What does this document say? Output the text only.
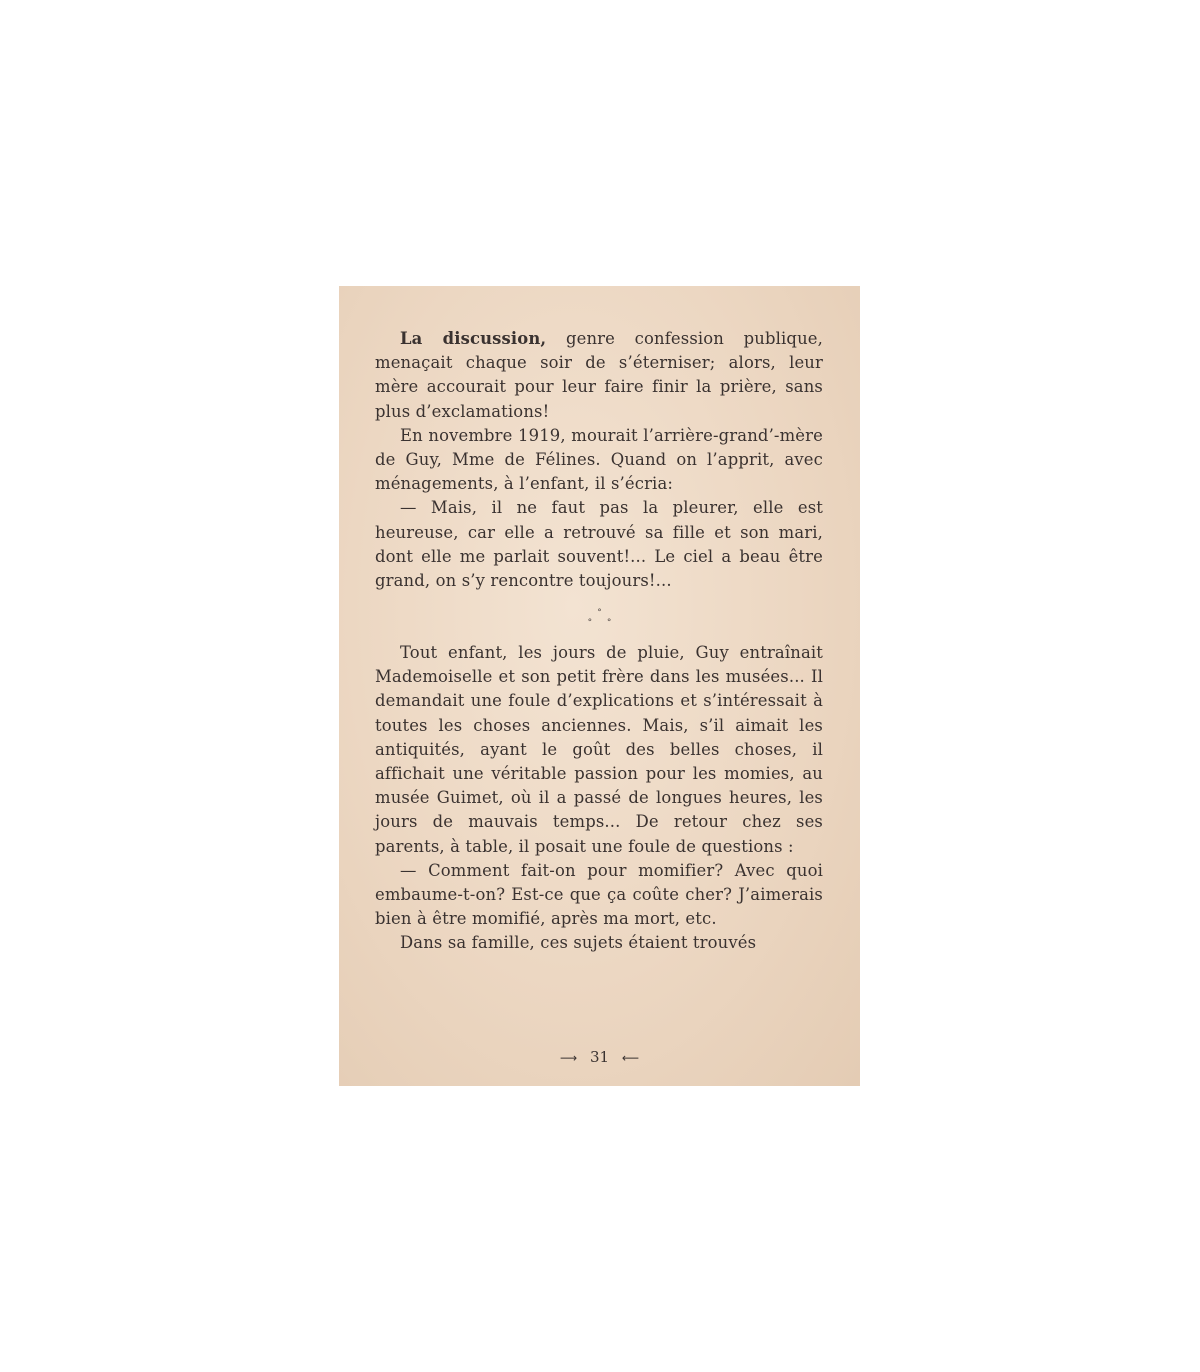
La discussion, genre confession publique, menaçait chaque soir de s’éterniser; alors, leur mère accourait pour leur faire finir la prière, sans plus d’exclamations!

En novembre 1919, mourait l’arrière-grand’-mère de Guy, Mme de Félines. Quand on l’apprit, avec ménagements, à l’enfant, il s’écria:

— Mais, il ne faut pas la pleurer, elle est heureuse, car elle a retrouvé sa fille et son mari, dont elle me parlait souvent!... Le ciel a beau être grand, on s’y rencontre toujours!...

°
° °

Tout enfant, les jours de pluie, Guy entraînait Mademoiselle et son petit frère dans les musées... Il demandait une foule d’explications et s’intéressait à toutes les choses anciennes. Mais, s’il aimait les antiquités, ayant le goût des belles choses, il affichait une véritable passion pour les momies, au musée Guimet, où il a passé de longues heures, les jours de mauvais temps... De retour chez ses parents, à table, il posait une foule de questions :

— Comment fait-on pour momifier? Avec quoi embaume-t-on? Est-ce que ça coûte cher? J’aimerais bien à être momifié, après ma mort, etc.

Dans sa famille, ces sujets étaient trouvés

⟶ 31 ⟵
